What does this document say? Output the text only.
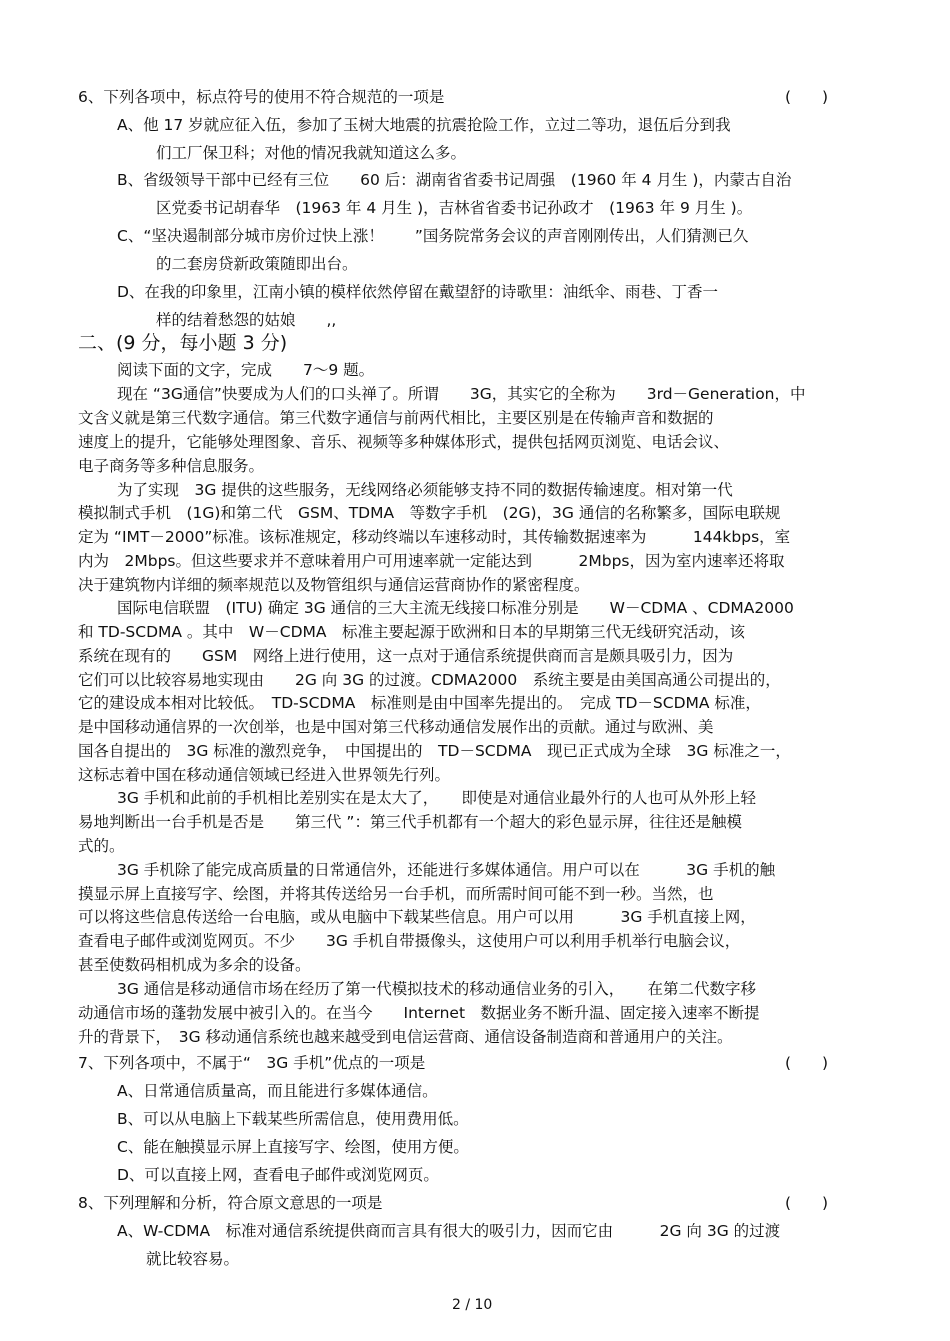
6、下列各项中，标点符号的使用不符合规范的一项是	(　　)
A、他 17 岁就应征入伍，参加了玉树大地震的抗震抢险工作，立过二等功，退伍后分到我
们工厂保卫科；对他的情况我就知道这么多。
B、省级领导干部中已经有三位　　60 后：湖南省省委书记周强　(1960 年 4 月生 )，内蒙古自治
区党委书记胡春华　(1963 年 4 月生 )，吉林省省委书记孙政才　(1963 年 9 月生 )。
C、“坚决遏制部分城市房价过快上涨！　　”国务院常务会议的声音刚刚传出，人们猜测已久
的二套房贷新政策随即出台。
D、在我的印象里，江南小镇的模样依然停留在戴望舒的诗歌里：油纸伞、雨巷、丁香一
样的结着愁怨的姑娘　　,,
二、(9 分，每小题 3 分)
阅读下面的文字，完成　　7～9 题。
现在 “3G通信”快要成为人们的口头禅了。所谓　　3G，其实它的全称为　　3rd－Generation，中
文含义就是第三代数字通信。第三代数字通信与前两代相比，主要区别是在传输声音和数据的
速度上的提升，它能够处理图象、音乐、视频等多种媒体形式，提供包括网页浏览、电话会议、
电子商务等多种信息服务。
为了实现　3G 提供的这些服务，无线网络必须能够支持不同的数据传输速度。相对第一代
模拟制式手机　(1G)和第二代　GSM、TDMA　等数字手机　(2G)，3G 通信的名称繁多，国际电联规
定为 “IMT－2000”标准。该标准规定，移动终端以车速移动时，其传输数据速率为　　　144kbps，室
内为　2Mbps。但这些要求并不意味着用户可用速率就一定能达到　　　2Mbps，因为室内速率还将取
决于建筑物内详细的频率规范以及物管组织与通信运营商协作的紧密程度。
国际电信联盟　(ITU) 确定 3G 通信的三大主流无线接口标准分别是　　W－CDMA 、CDMA2000
和 TD-SCDMA 。其中　W－CDMA　标准主要起源于欧洲和日本的早期第三代无线研究活动，该
系统在现有的　　GSM　网络上进行使用，这一点对于通信系统提供商而言是颇具吸引力，因为
它们可以比较容易地实现由　　2G 向 3G 的过渡。CDMA2000　系统主要是由美国高通公司提出的，
它的建设成本相对比较低。　TD-SCDMA　标准则是由中国率先提出的。　完成 TD－SCDMA 标准，
是中国移动通信界的一次创举，也是中国对第三代移动通信发展作出的贡献。通过与欧洲、美
国各自提出的　3G 标准的激烈竞争，　中国提出的　TD－SCDMA　现已正式成为全球　3G 标准之一，
这标志着中国在移动通信领域已经进入世界领先行列。
3G 手机和此前的手机相比差别实在是太大了，　　即使是对通信业最外行的人也可从外形上轻
易地判断出一台手机是否是　　第三代 ”：第三代手机都有一个超大的彩色显示屏，往往还是触模
式的。
3G 手机除了能完成高质量的日常通信外，还能进行多媒体通信。用户可以在　　　3G 手机的触
摸显示屏上直接写字、绘图，并将其传送给另一台手机，而所需时间可能不到一秒。当然，也
可以将这些信息传送给一台电脑，或从电脑中下载某些信息。用户可以用　　　3G 手机直接上网，
查看电子邮件或浏览网页。不少　　3G 手机自带摄像头，这使用户可以利用手机举行电脑会议，
甚至使数码相机成为多余的设备。
3G 通信是移动通信市场在经历了第一代模拟技术的移动通信业务的引入，　　在第二代数字移
动通信市场的蓬勃发展中被引入的。在当今　　Internet　数据业务不断升温、固定接入速率不断提
升的背景下，　3G 移动通信系统也越来越受到电信运营商、通信设备制造商和普通用户的关注。
7、下列各项中，不属于“　3G 手机”优点的一项是	(　　)
A、日常通信质量高，而且能进行多媒体通信。
B、可以从电脑上下载某些所需信息，使用费用低。
C、能在触摸显示屏上直接写字、绘图，使用方便。
D、可以直接上网，查看电子邮件或浏览网页。
8、下列理解和分析，符合原文意思的一项是	(　　)
A、W-CDMA　标准对通信系统提供商而言具有很大的吸引力，因而它由　　　2G 向 3G 的过渡
就比较容易。
2 / 10
